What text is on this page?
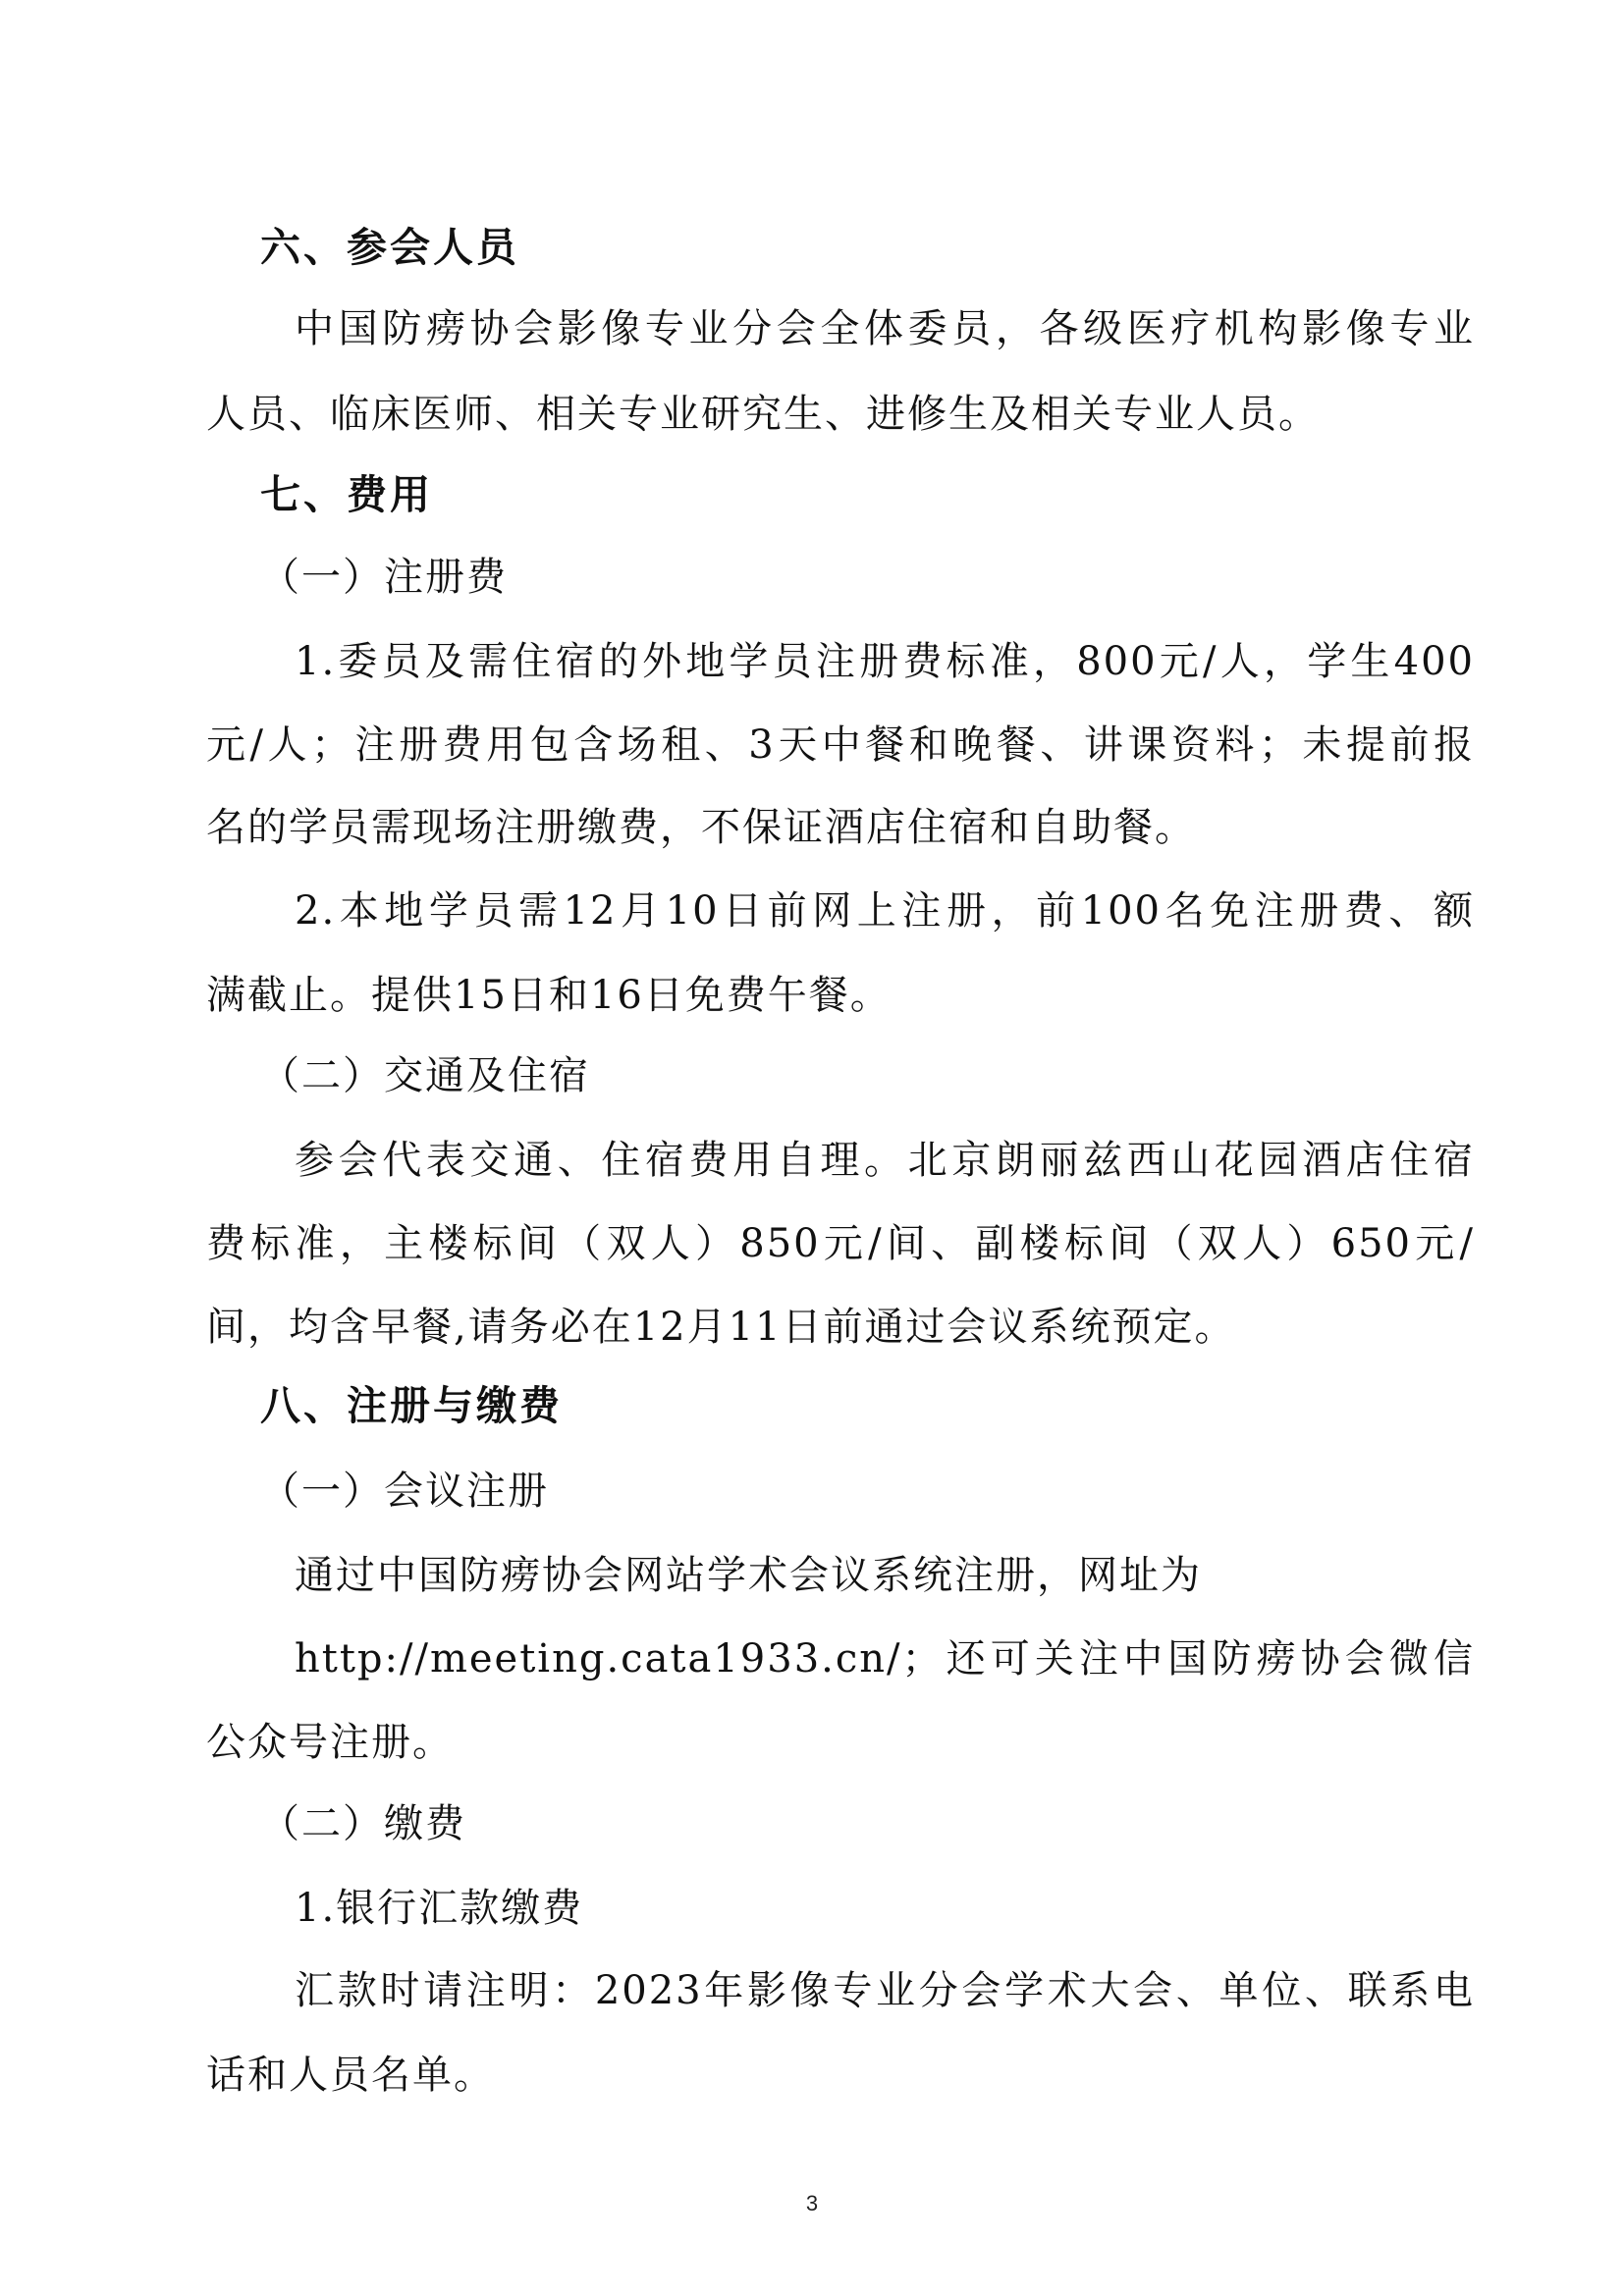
六、参会人员
中国防痨协会影像专业分会全体委员，各级医疗机构影像专业
人员、临床医师、相关专业研究生、进修生及相关专业人员。
七、费用
（一）注册费
1.委员及需住宿的外地学员注册费标准，800元/人，学生400
元/人；注册费用包含场租、3天中餐和晚餐、讲课资料；未提前报
名的学员需现场注册缴费，不保证酒店住宿和自助餐。
2.本地学员需12月10日前网上注册，前100名免注册费、额
满截止。提供15日和16日免费午餐。
（二）交通及住宿
参会代表交通、住宿费用自理。北京朗丽兹西山花园酒店住宿
费标准，主楼标间（双人）850元/间、副楼标间（双人）650元/
间，均含早餐,请务必在12月11日前通过会议系统预定。
八、注册与缴费
（一）会议注册
通过中国防痨协会网站学术会议系统注册，网址为
http://meeting.cata1933.cn/；还可关注中国防痨协会微信
公众号注册。
（二）缴费
1.银行汇款缴费
汇款时请注明：2023年影像专业分会学术大会、单位、联系电
话和人员名单。
3
